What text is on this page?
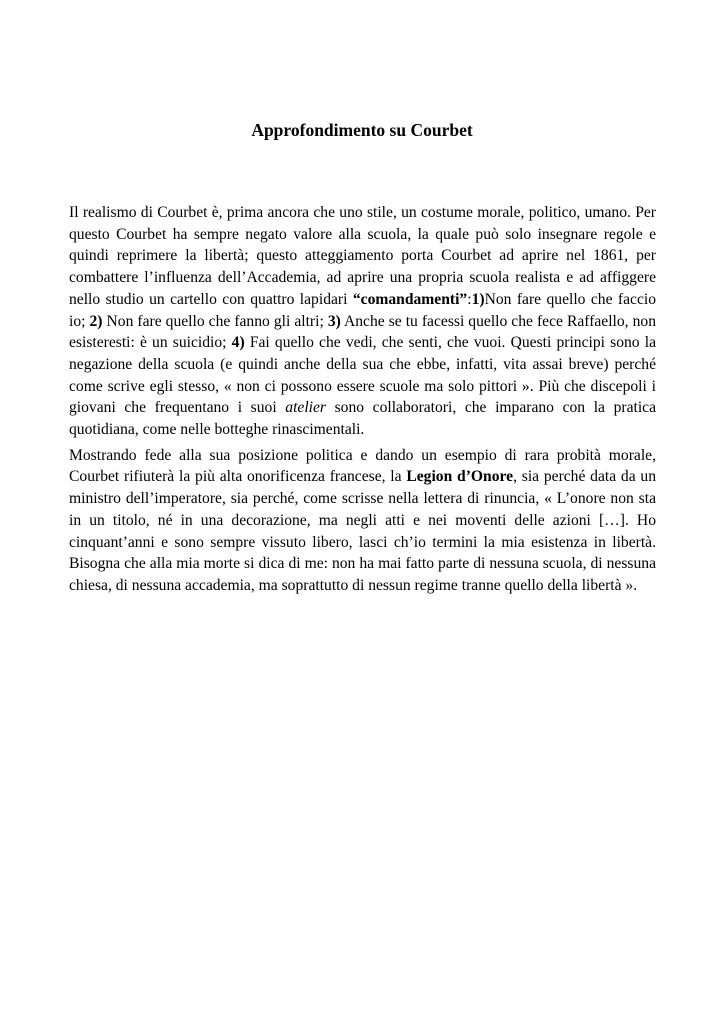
Approfondimento su Courbet

Il realismo di Courbet è, prima ancora che uno stile, un costume morale, politico, umano. Per questo Courbet ha sempre negato valore alla scuola, la quale può solo insegnare regole e quindi reprimere la libertà; questo atteggiamento porta Courbet ad aprire nel 1861, per combattere l’influenza dell’Accademia, ad aprire una propria scuola realista e ad affiggere nello studio un cartello con quattro lapidari “comandamenti”:1)Non fare quello che faccio io; 2) Non fare quello che fanno gli altri; 3) Anche se tu facessi quello che fece Raffaello, non esisteresti: è un suicidio; 4) Fai quello che vedi, che senti, che vuoi. Questi principi sono la negazione della scuola (e quindi anche della sua che ebbe, infatti, vita assai breve) perché come scrive egli stesso, « non ci possono essere scuole ma solo pittori ». Più che discepoli i giovani che frequentano i suoi atelier sono collaboratori, che imparano con la pratica quotidiana, come nelle botteghe rinascimentali.

Mostrando fede alla sua posizione politica e dando un esempio di rara probità morale, Courbet rifiuterà la più alta onorificenza francese, la Legion d’Onore, sia perché data da un ministro dell’imperatore, sia perché, come scrisse nella lettera di rinuncia, « L’onore non sta in un titolo, né in una decorazione, ma negli atti e nei moventi delle azioni […]. Ho cinquant’anni e sono sempre vissuto libero, lasci ch’io termini la mia esistenza in libertà. Bisogna che alla mia morte si dica di me: non ha mai fatto parte di nessuna scuola, di nessuna chiesa, di nessuna accademia, ma soprattutto di nessun regime tranne quello della libertà ».
